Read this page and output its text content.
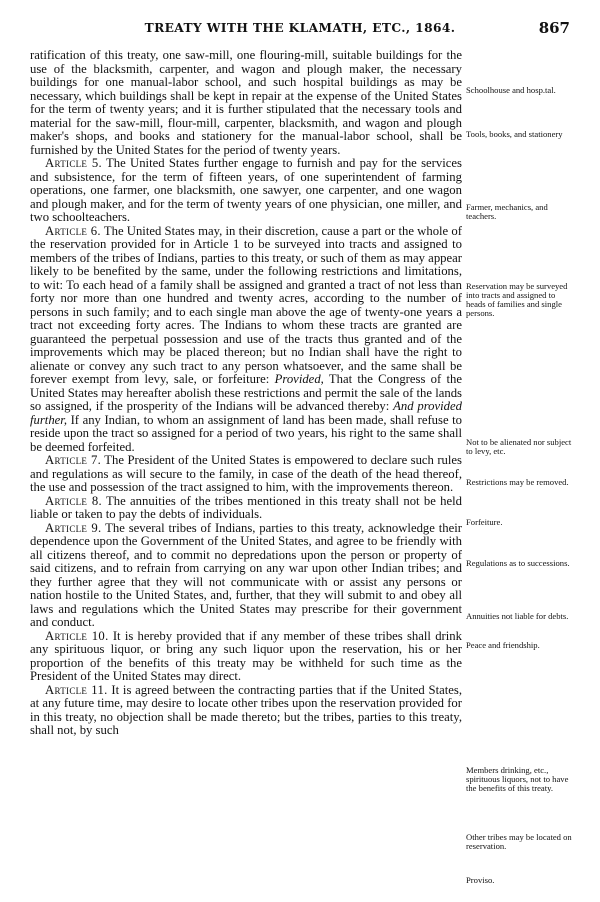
TREATY WITH THE KLAMATH, ETC., 1864.	867

ratification of this treaty, one saw-mill, one flouring-mill, suitable buildings for the use of the blacksmith, carpenter, and wagon and plough maker, the necessary buildings for one manual-labor school, and such hospital buildings as may be necessary, which buildings shall be kept in repair at the expense of the United States for the term of twenty years; and it is further stipulated that the necessary tools and material for the saw-mill, flour-mill, carpenter, blacksmith, and wagon and plough maker's shops, and books and stationery for the manual-labor school, shall be furnished by the United States for the period of twenty years.

Article 5. The United States further engage to furnish and pay for the services and subsistence, for the term of fifteen years, of one superintendent of farming operations, one farmer, one blacksmith, one sawyer, one carpenter, and one wagon and plough maker, and for the term of twenty years of one physician, one miller, and two schoolteachers.

Article 6. The United States may, in their discretion, cause a part or the whole of the reservation provided for in Article 1 to be surveyed into tracts and assigned to members of the tribes of Indians, parties to this treaty, or such of them as may appear likely to be benefited by the same, under the following restrictions and limitations, to wit: To each head of a family shall be assigned and granted a tract of not less than forty nor more than one hundred and twenty acres, according to the number of persons in such family; and to each single man above the age of twenty-one years a tract not exceeding forty acres. The Indians to whom these tracts are granted are guaranteed the perpetual possession and use of the tracts thus granted and of the improvements which may be placed thereon; but no Indian shall have the right to alienate or convey any such tract to any person whatsoever, and the same shall be forever exempt from levy, sale, or forfeiture: Provided, That the Congress of the United States may hereafter abolish these restrictions and permit the sale of the lands so assigned, if the prosperity of the Indians will be advanced thereby: And provided further, If any Indian, to whom an assignment of land has been made, shall refuse to reside upon the tract so assigned for a period of two years, his right to the same shall be deemed forfeited.

Article 7. The President of the United States is empowered to declare such rules and regulations as will secure to the family, in case of the death of the head thereof, the use and possession of the tract assigned to him, with the improvements thereon.

Article 8. The annuities of the tribes mentioned in this treaty shall not be held liable or taken to pay the debts of individuals.

Article 9. The several tribes of Indians, parties to this treaty, acknowledge their dependence upon the Government of the United States, and agree to be friendly with all citizens thereof, and to commit no depredations upon the person or property of said citizens, and to refrain from carrying on any war upon other Indian tribes; and they further agree that they will not communicate with or assist any persons or nation hostile to the United States, and, further, that they will submit to and obey all laws and regulations which the United States may prescribe for their government and conduct.

Article 10. It is hereby provided that if any member of these tribes shall drink any spirituous liquor, or bring any such liquor upon the reservation, his or her proportion of the benefits of this treaty may be withheld for such time as the President of the United States may direct.

Article 11. It is agreed between the contracting parties that if the United States, at any future time, may desire to locate other tribes upon the reservation provided for in this treaty, no objection shall be made thereto; but the tribes, parties to this treaty, shall not, by such

Schoolhouse and hosp.tal.
Tools, books, and stationery
Farmer, mechanics, and teachers.
Reservation may be surveyed into tracts and assigned to heads of families and single persons.
Not to be alienated nor subject to levy, etc.
Restrictions may be removed.
Forfeiture.
Regulations as to successions.
Annuities not liable for debts.
Peace and friendship.
Members drinking, etc., spirituous liquors, not to have the benefits of this treaty.
Other tribes may be located on reservation.
Proviso.
